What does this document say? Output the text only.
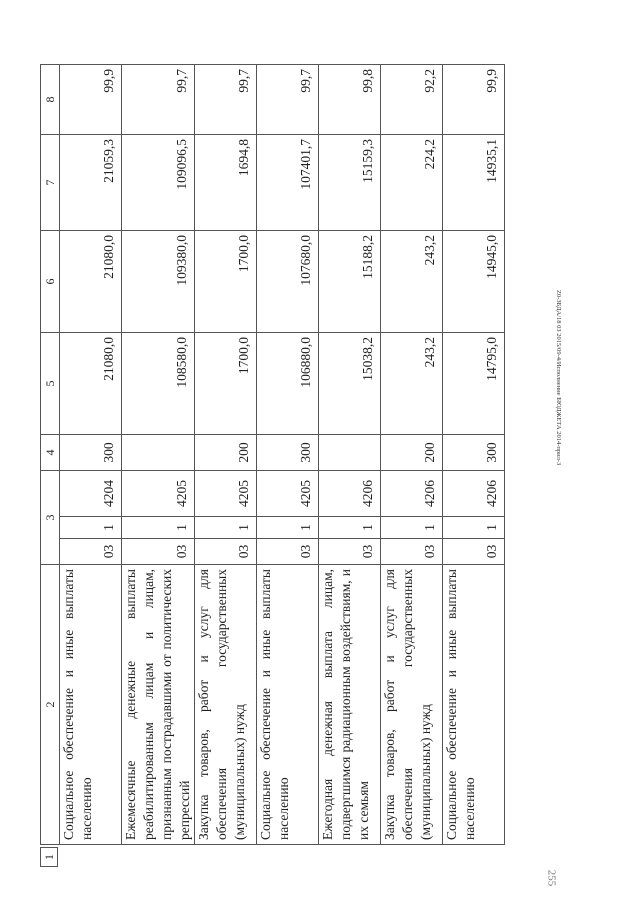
2	3			4	5	6	7	8
Социальное обеспечение и иные выплаты населению	03	1	4204	300	21080,0	21080,0	21059,3	99,9
Ежемесячные денежные выплаты реабилитированным лицам и лицам, признанным пострадавшими от политических репрессий	03	1	4205		108580,0	109380,0	109096,5	99,7
Закупка товаров, работ и услуг для обеспечения государственных (муниципальных) нужд	03	1	4205	200	1700,0	1700,0	1694,8	99,7
Социальное обеспечение и иные выплаты населению	03	1	4205	300	106880,0	107680,0	107401,7	99,7
Ежегодная денежная выплата лицам, подвергшимся радиационным воздействиям, и их семьям	03	1	4206		15038,2	15188,2	15159,3	99,8
Закупка товаров, работ и услуг для обеспечения государственных (муниципальных) нужд	03	1	4206	200	243,2	243,2	224,2	92,2
Социальное обеспечение и иные выплаты населению	03	1	4206	300	14795,0	14945,0	14935,1	99,9
1
Z0-ЗБДА/18 03 2015/09-4/Исполнение БЮДЖЕТА 2014-прил-3
255
